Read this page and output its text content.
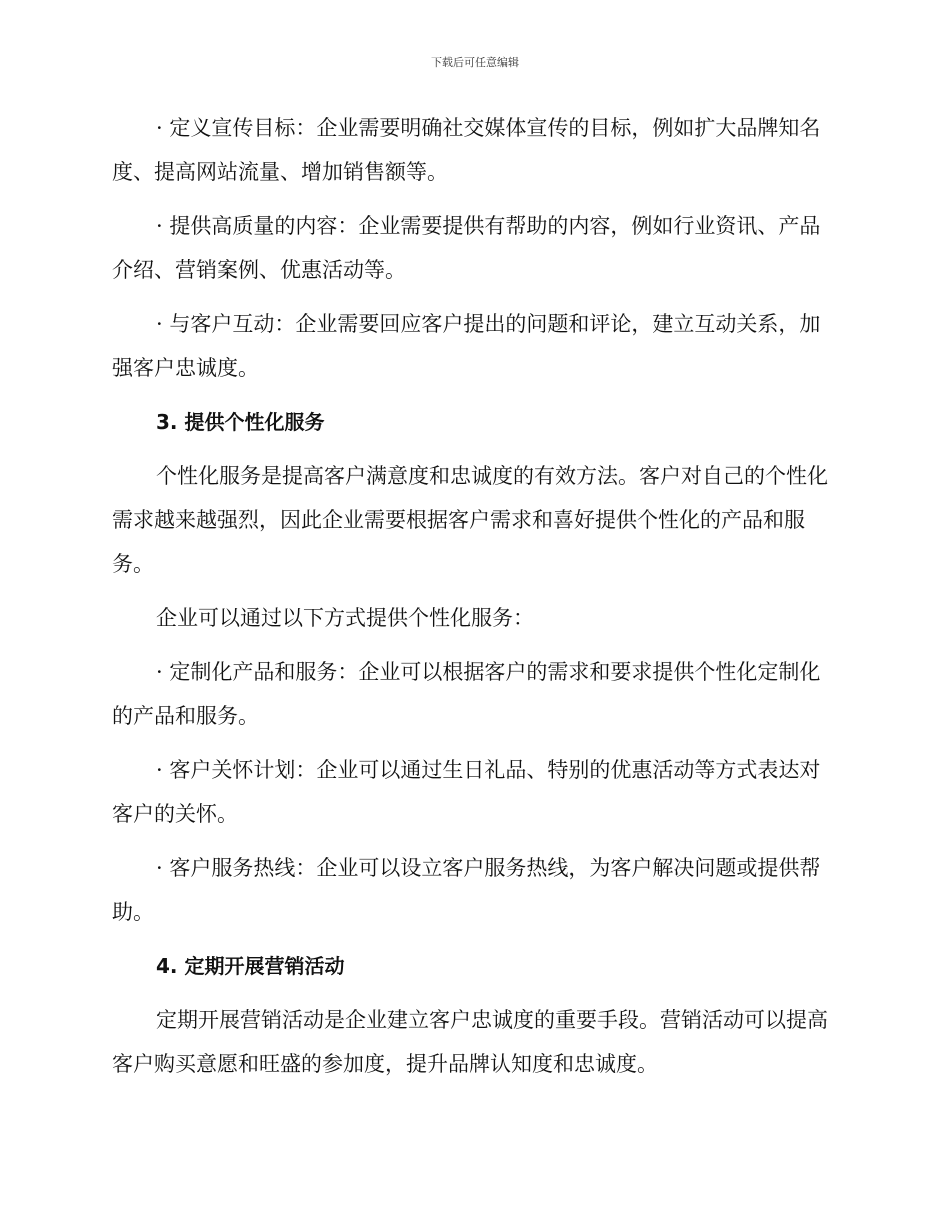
下载后可任意编辑

· 定义宣传目标：企业需要明确社交媒体宣传的目标，例如扩大品牌知名度、提高网站流量、增加销售额等。

· 提供高质量的内容：企业需要提供有帮助的内容，例如行业资讯、产品介绍、营销案例、优惠活动等。

· 与客户互动：企业需要回应客户提出的问题和评论，建立互动关系，加强客户忠诚度。

3. 提供个性化服务

个性化服务是提高客户满意度和忠诚度的有效方法。客户对自己的个性化需求越来越强烈，因此企业需要根据客户需求和喜好提供个性化的产品和服务。

企业可以通过以下方式提供个性化服务：

· 定制化产品和服务：企业可以根据客户的需求和要求提供个性化定制化的产品和服务。

· 客户关怀计划：企业可以通过生日礼品、特别的优惠活动等方式表达对客户的关怀。

· 客户服务热线：企业可以设立客户服务热线，为客户解决问题或提供帮助。

4. 定期开展营销活动

定期开展营销活动是企业建立客户忠诚度的重要手段。营销活动可以提高客户购买意愿和旺盛的参加度，提升品牌认知度和忠诚度。
